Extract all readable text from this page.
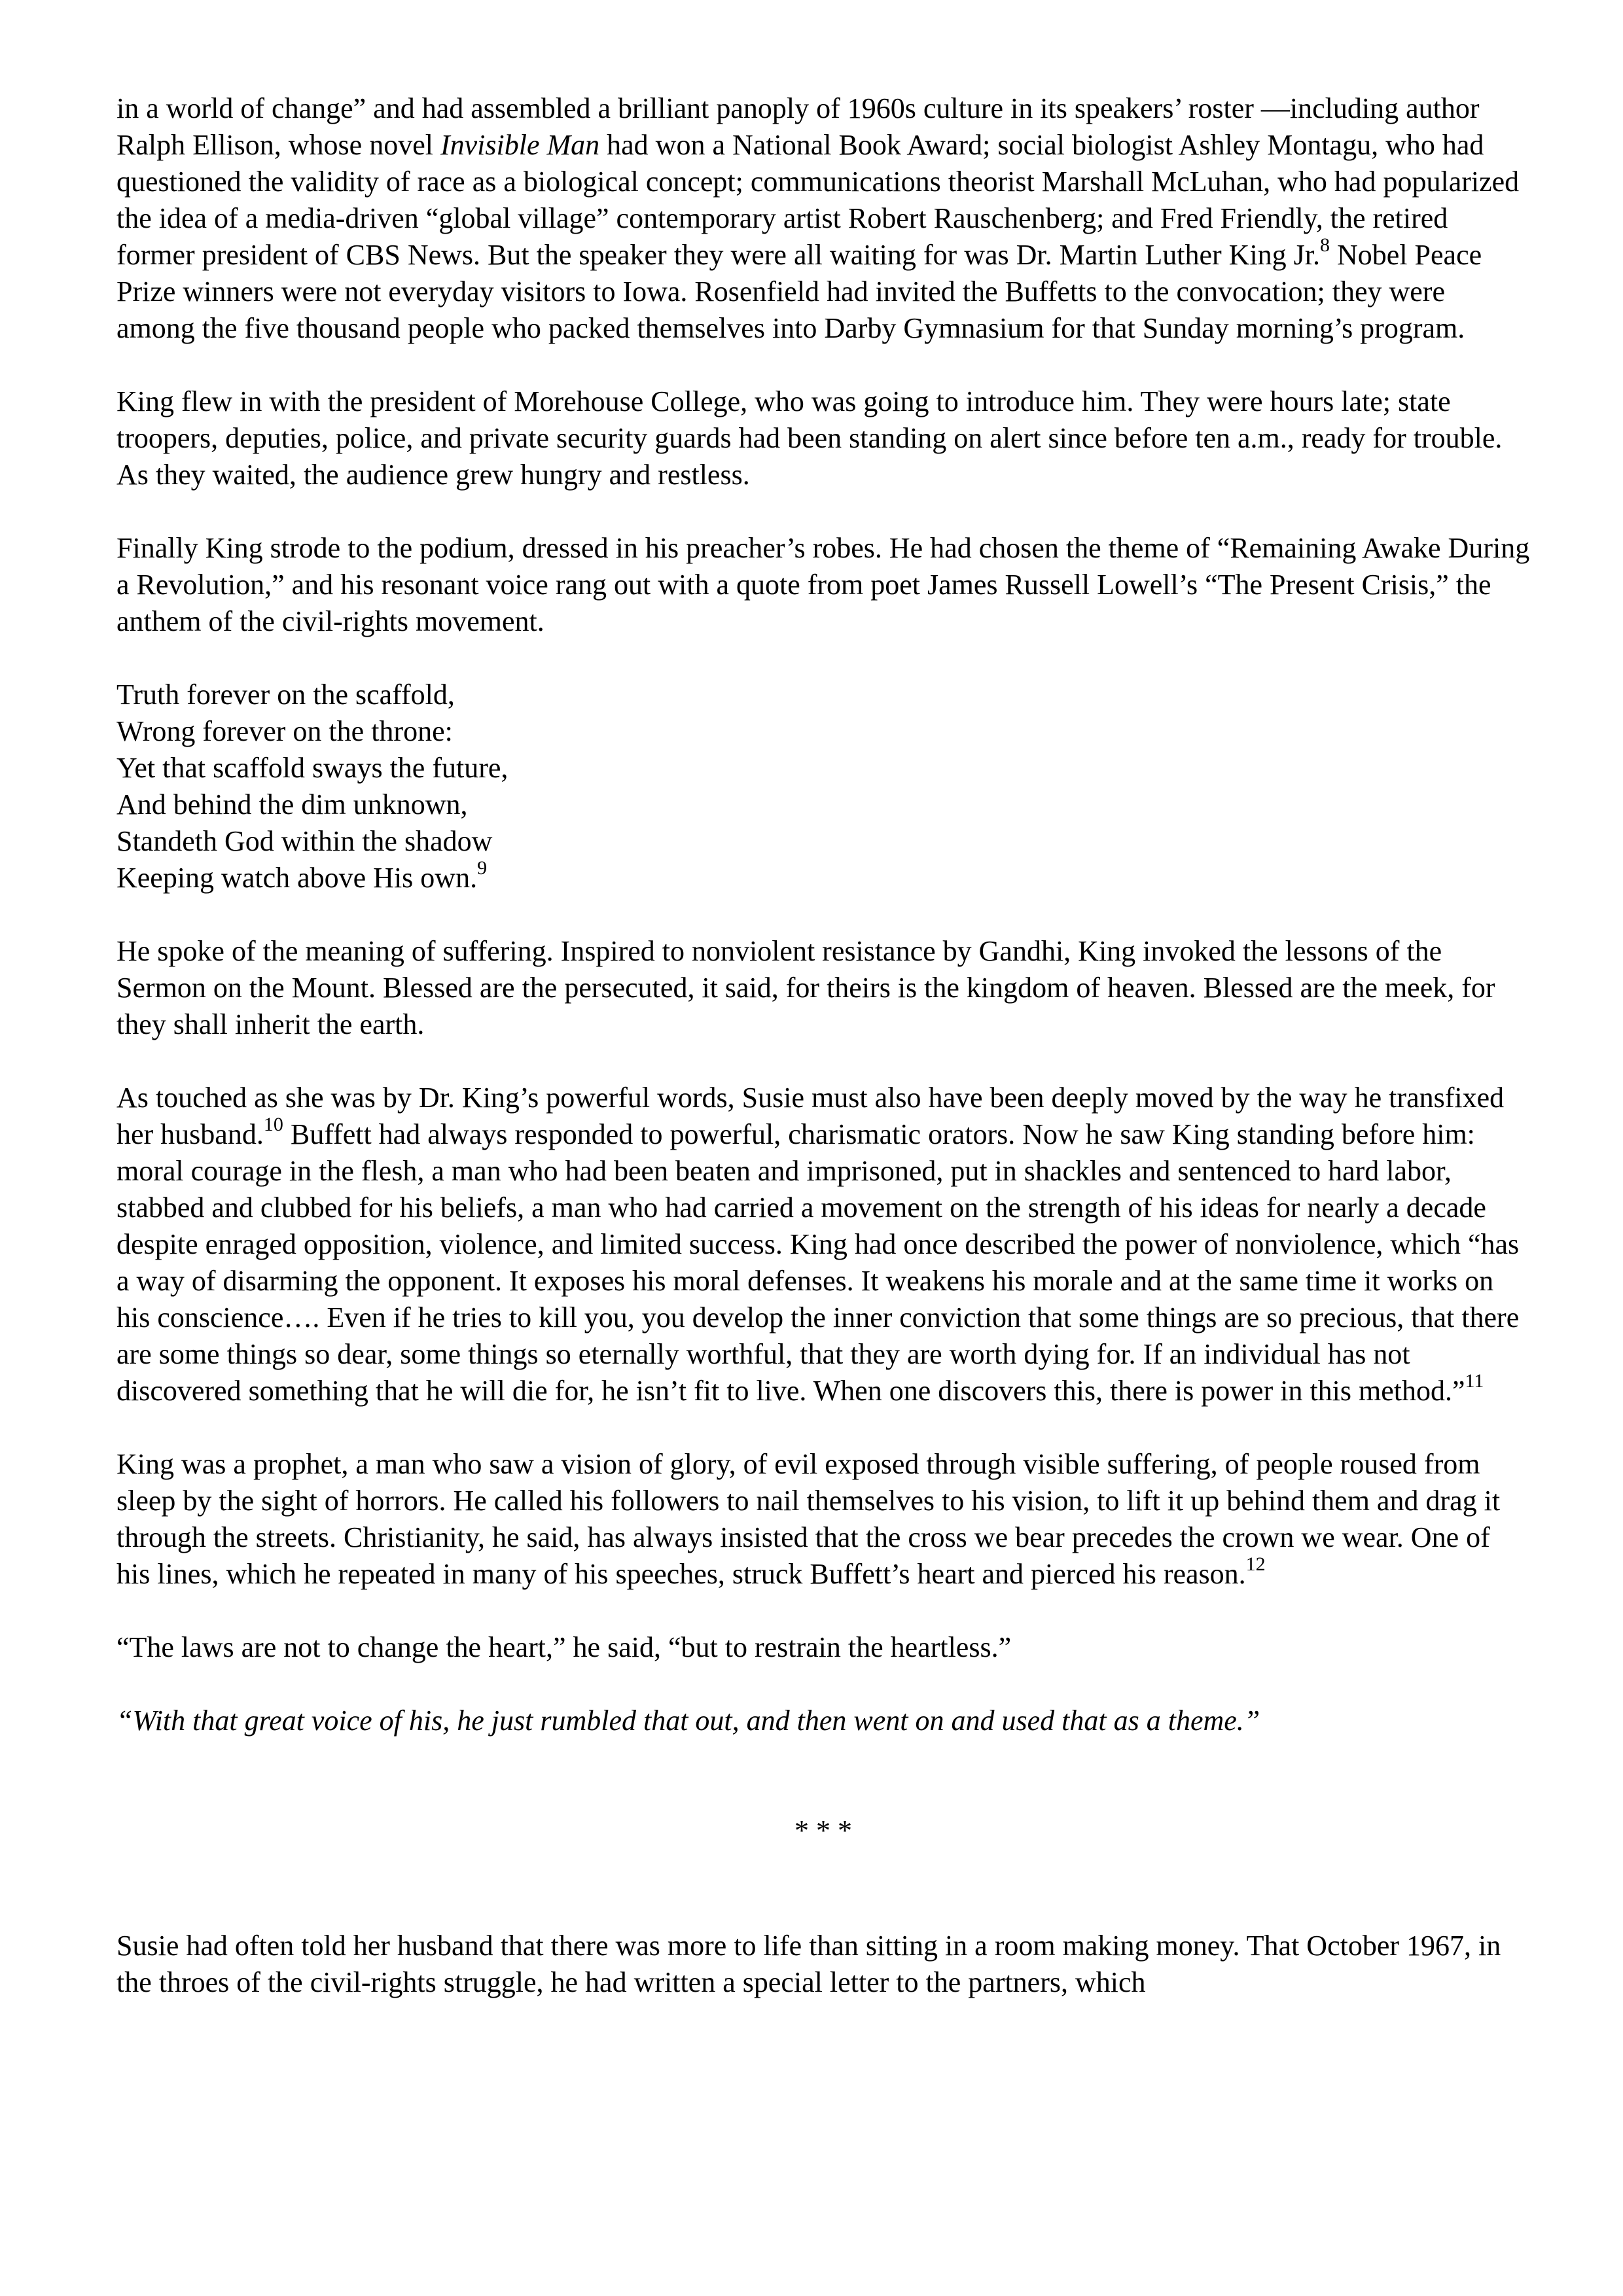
in a world of change” and had assembled a brilliant panoply of 1960s culture in its speakers’ roster —including author Ralph Ellison, whose novel Invisible Man had won a National Book Award; social biologist Ashley Montagu, who had questioned the validity of race as a biological concept; communications theorist Marshall McLuhan, who had popularized the idea of a media-driven “global village” contemporary artist Robert Rauschenberg; and Fred Friendly, the retired former president of CBS News. But the speaker they were all waiting for was Dr. Martin Luther King Jr.$^8$ Nobel Peace Prize winners were not everyday visitors to Iowa. Rosenfield had invited the Buffetts to the convocation; they were among the five thousand people who packed themselves into Darby Gymnasium for that Sunday morning’s program.

King flew in with the president of Morehouse College, who was going to introduce him. They were hours late; state troopers, deputies, police, and private security guards had been standing on alert since before ten a.m., ready for trouble. As they waited, the audience grew hungry and restless.

Finally King strode to the podium, dressed in his preacher’s robes. He had chosen the theme of “Remaining Awake During a Revolution,” and his resonant voice rang out with a quote from poet James Russell Lowell’s “The Present Crisis,” the anthem of the civil-rights movement.

Truth forever on the scaffold,
Wrong forever on the throne:
Yet that scaffold sways the future,
And behind the dim unknown,
Standeth God within the shadow
Keeping watch above His own.$^9$

He spoke of the meaning of suffering. Inspired to nonviolent resistance by Gandhi, King invoked the lessons of the Sermon on the Mount. Blessed are the persecuted, it said, for theirs is the kingdom of heaven. Blessed are the meek, for they shall inherit the earth.

As touched as she was by Dr. King’s powerful words, Susie must also have been deeply moved by the way he transfixed her husband.$^{10}$ Buffett had always responded to powerful, charismatic orators. Now he saw King standing before him: moral courage in the flesh, a man who had been beaten and imprisoned, put in shackles and sentenced to hard labor, stabbed and clubbed for his beliefs, a man who had carried a movement on the strength of his ideas for nearly a decade despite enraged opposition, violence, and limited success. King had once described the power of nonviolence, which “has a way of disarming the opponent. It exposes his moral defenses. It weakens his morale and at the same time it works on his conscience…. Even if he tries to kill you, you develop the inner conviction that some things are so precious, that there are some things so dear, some things so eternally worthful, that they are worth dying for. If an individual has not discovered something that he will die for, he isn’t fit to live. When one discovers this, there is power in this method.”$^{11}$

King was a prophet, a man who saw a vision of glory, of evil exposed through visible suffering, of people roused from sleep by the sight of horrors. He called his followers to nail themselves to his vision, to lift it up behind them and drag it through the streets. Christianity, he said, has always insisted that the cross we bear precedes the crown we wear. One of his lines, which he repeated in many of his speeches, struck Buffett’s heart and pierced his reason.$^{12}$

“The laws are not to change the heart,” he said, “but to restrain the heartless.”

“With that great voice of his, he just rumbled that out, and then went on and used that as a theme.”

* * *

Susie had often told her husband that there was more to life than sitting in a room making money. That October 1967, in the throes of the civil-rights struggle, he had written a special letter to the partners, which
